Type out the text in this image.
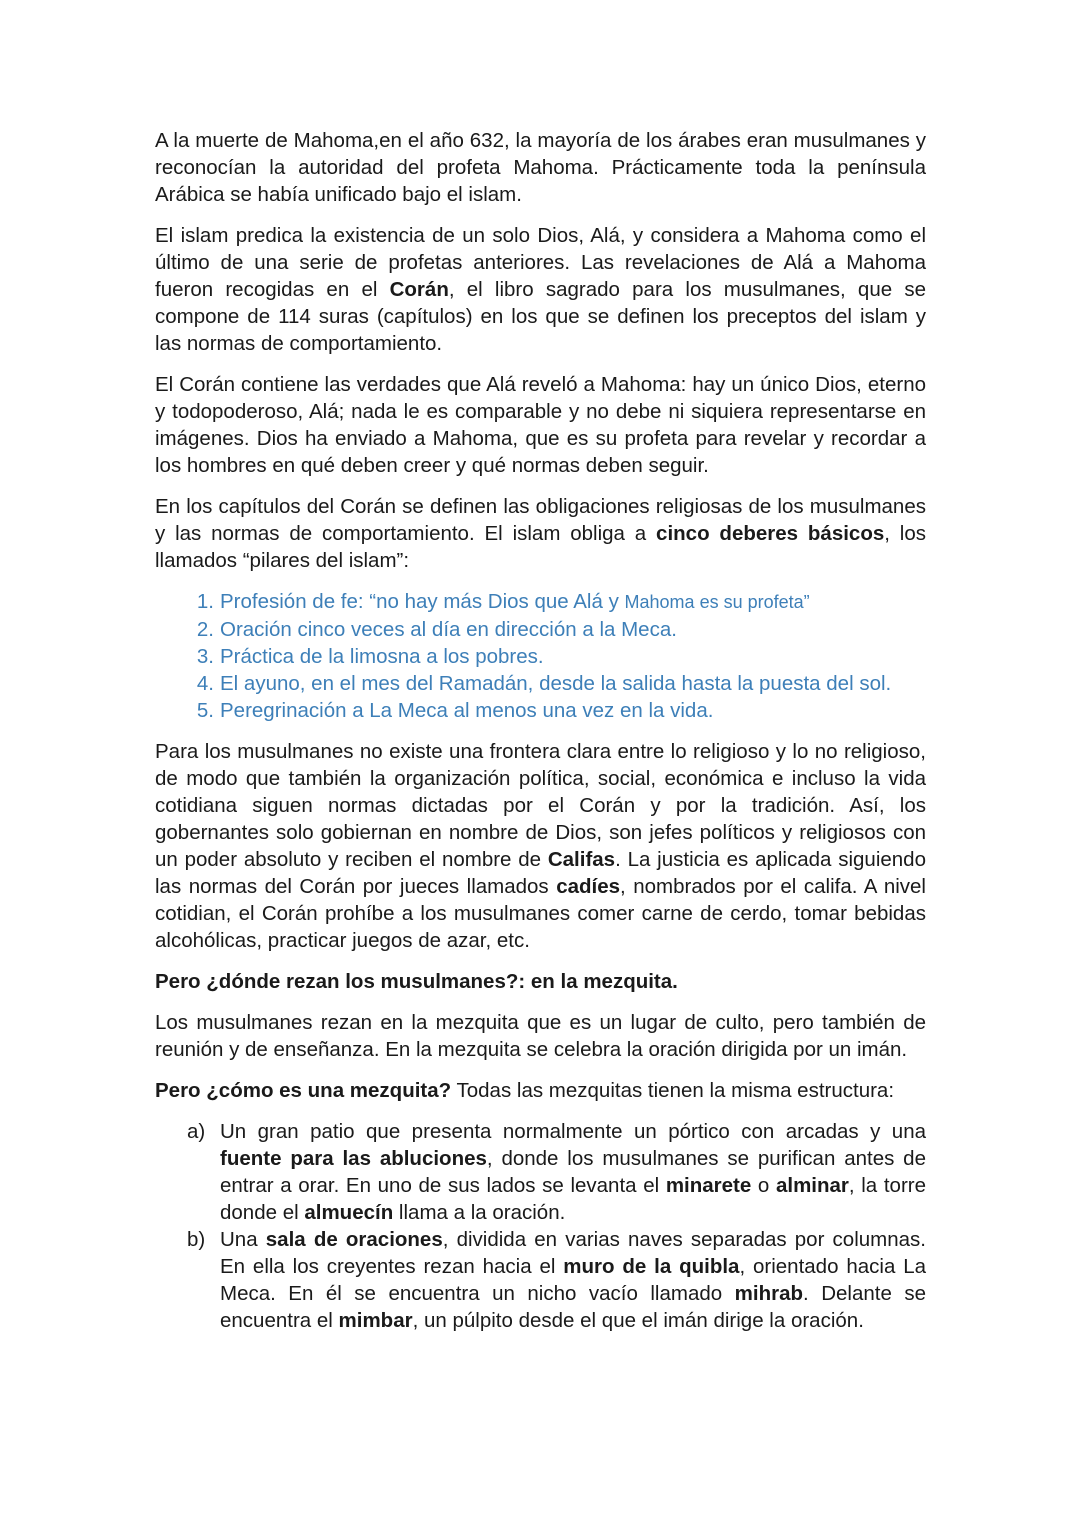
A la muerte de Mahoma,en el año 632, la mayoría de los árabes eran musulmanes y reconocían la autoridad del profeta Mahoma. Prácticamente toda la península Arábica se había unificado bajo el islam.

El islam predica la existencia de un solo Dios, Alá, y considera a Mahoma como el último de una serie de profetas anteriores. Las revelaciones de Alá a Mahoma fueron recogidas en el Corán, el libro sagrado para los musulmanes, que se compone de 114 suras (capítulos) en los que se definen los preceptos del islam y las normas de comportamiento.

El Corán contiene las verdades que Alá reveló a Mahoma: hay un único Dios, eterno y todopoderoso, Alá; nada le es comparable y no debe ni siquiera representarse en imágenes. Dios ha enviado a Mahoma, que es su profeta para revelar y recordar a los hombres en qué deben creer y qué normas deben seguir.

En los capítulos del Corán se definen las obligaciones religiosas de los musulmanes y las normas de comportamiento. El islam obliga a cinco deberes básicos, los llamados “pilares del islam”:

1. Profesión de fe: “no hay más Dios que Alá y Mahoma es su profeta”
2. Oración cinco veces al día en dirección a la Meca.
3. Práctica de la limosna a los pobres.
4. El ayuno, en el mes del Ramadán, desde la salida hasta la puesta del sol.
5. Peregrinación a La Meca al menos una vez en la vida.

Para los musulmanes no existe una frontera clara entre lo religioso y lo no religioso, de modo que también la organización política, social, económica e incluso la vida cotidiana siguen normas dictadas por el Corán y por la tradición. Así, los gobernantes solo gobiernan en nombre de Dios, son jefes políticos y religiosos con un poder absoluto y reciben el nombre de Califas. La justicia es aplicada siguiendo las normas del Corán por jueces llamados cadíes, nombrados por el califa. A nivel cotidian, el Corán prohíbe a los musulmanes comer carne de cerdo, tomar bebidas alcohólicas, practicar juegos de azar, etc.

Pero ¿dónde rezan los musulmanes?: en la mezquita.

Los musulmanes rezan en la mezquita que es un lugar de culto, pero también de reunión y de enseñanza. En la mezquita se celebra la oración dirigida por un imán.

Pero ¿cómo es una mezquita? Todas las mezquitas tienen la misma estructura:

a) Un gran patio que presenta normalmente un pórtico con arcadas y una fuente para las abluciones, donde los musulmanes se purifican antes de entrar a orar. En uno de sus lados se levanta el minarete o alminar, la torre donde el almuecín llama a la oración.
b) Una sala de oraciones, dividida en varias naves separadas por columnas. En ella los creyentes rezan hacia el muro de la quibla, orientado hacia La Meca. En él se encuentra un nicho vacío llamado mihrab. Delante se encuentra el mimbar, un púlpito desde el que el imán dirige la oración.
